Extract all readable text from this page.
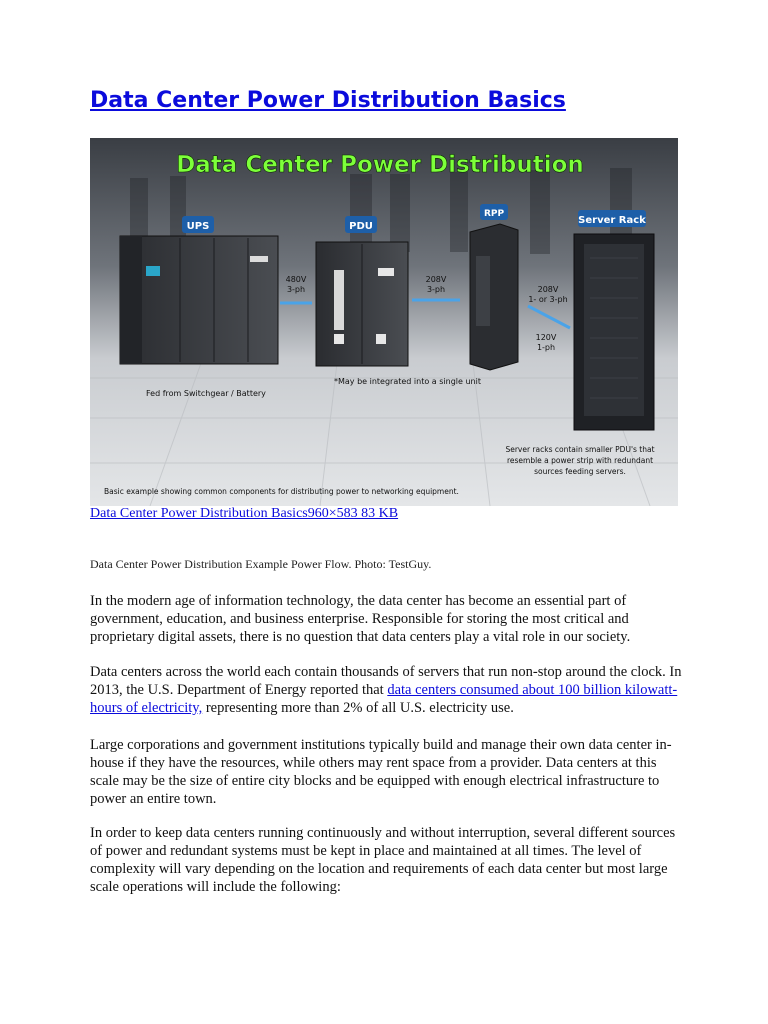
Data Center Power Distribution Basics
Data Center Power Distribution
UPS	PDU
RPP
Server Rack
480V
3-ph
208V
3-ph	208V
1- or 3-ph
120V
1-ph
Fed from Switchgear / Battery
*May be integrated into a single unit
Server racks contain smaller PDU's that
resemble a power strip with redundant
sources feeding servers.
Basic example showing common components for distributing power to networking equipment.
Data Center Power Distribution Basics960×583 83 KB
Data Center Power Distribution Example Power Flow. Photo: TestGuy.

In the modern age of information technology, the data center has become an essential part of government, education, and business enterprise. Responsible for storing the most critical and proprietary digital assets, there is no question that data centers play a vital role in our society.

Data centers across the world each contain thousands of servers that run non-stop around the clock. In 2013, the U.S. Department of Energy reported that data centers consumed about 100 billion kilowatt-hours of electricity, representing more than 2% of all U.S. electricity use.

Large corporations and government institutions typically build and manage their own data center in-house if they have the resources, while others may rent space from a provider. Data centers at this scale may be the size of entire city blocks and be equipped with enough electrical infrastructure to power an entire town.

In order to keep data centers running continuously and without interruption, several different sources of power and redundant systems must be kept in place and maintained at all times. The level of complexity will vary depending on the location and requirements of each data center but most large scale operations will include the following:
